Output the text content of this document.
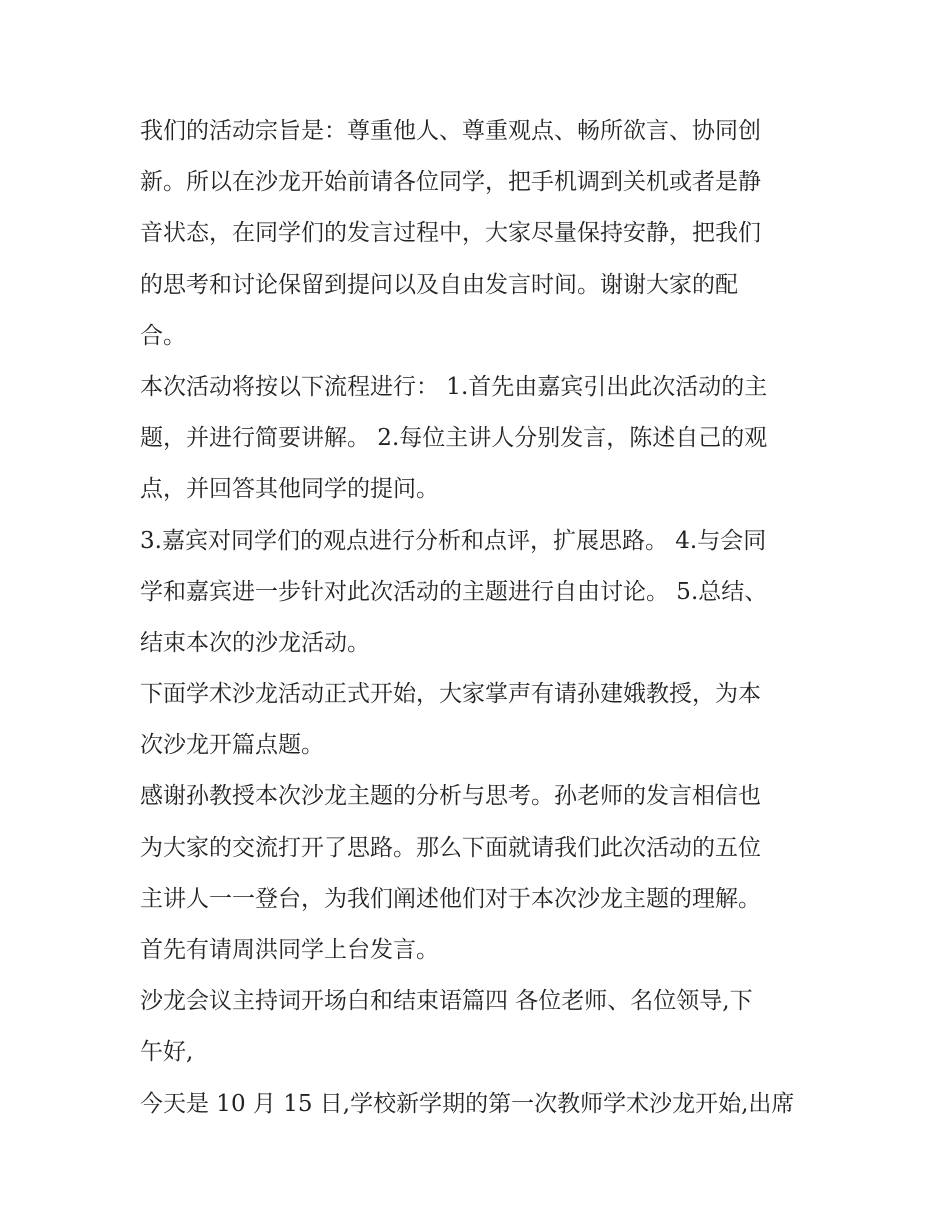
我们的活动宗旨是：尊重他人、尊重观点、畅所欲言、协同创
新。所以在沙龙开始前请各位同学，把手机调到关机或者是静
音状态，在同学们的发言过程中，大家尽量保持安静，把我们
的思考和讨论保留到提问以及自由发言时间。谢谢大家的配
合。
本次活动将按以下流程进行： 1.首先由嘉宾引出此次活动的主
题，并进行简要讲解。 2.每位主讲人分别发言，陈述自己的观
点，并回答其他同学的提问。
3.嘉宾对同学们的观点进行分析和点评，扩展思路。 4.与会同
学和嘉宾进一步针对此次活动的主题进行自由讨论。 5.总结、
结束本次的沙龙活动。
下面学术沙龙活动正式开始，大家掌声有请孙建娥教授，为本
次沙龙开篇点题。
感谢孙教授本次沙龙主题的分析与思考。孙老师的发言相信也
为大家的交流打开了思路。那么下面就请我们此次活动的五位
主讲人一一登台，为我们阐述他们对于本次沙龙主题的理解。
首先有请周洪同学上台发言。
沙龙会议主持词开场白和结束语篇四 各位老师、名位领导,下
午好,
今天是 10 月 15 日,学校新学期的第一次教师学术沙龙开始,出席
